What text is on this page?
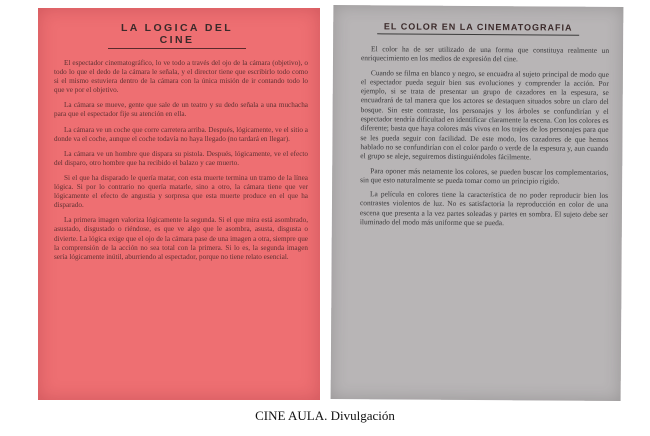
LA LOGICA DEL CINE

El espectador cinematográfico, lo ve todo a través del ojo de la cámara (objetivo), o todo lo que el dedo de la cámara le señala, y el director tiene que escribirlo todo como si el mismo estuviera dentro de la cámara con la única misión de ir contando todo lo que ve por el objetivo.

La cámara se mueve, gente que sale de un teatro y su dedo señala a una muchacha para que el espectador fije su atención en ella.

La cámara ve un coche que corre carretera arriba. Después, lógicamente, ve el sitio a donde va el coche, aunque el coche todavía no haya llegado (no tardará en llegar).

La cámara ve un hombre que dispara su pistola. Después, lógicamente, ve el efecto del disparo, otro hombre que ha recibido el balazo y cae muerto.

Si el que ha disparado le quería matar, con esta muerte termina un tramo de la línea lógica. Si por lo contrario no quería matarle, sino a otro, la cámara tiene que ver lógicamente el efecto de angustia y sorpresa que esta muerte produce en el que ha disparado.

La primera imagen valoriza lógicamente la segunda. Si el que mira está asombrado, asustado, disgustado o riéndose, es que ve algo que le asombra, asusta, disgusta o divierte. La lógica exige que el ojo de la cámara pase de una imagen a otra, siempre que la comprensión de la acción no sea total con la primera. Si lo es, la segunda imagen sería lógicamente inútil, aburriendo al espectador, porque no tiene relato esencial.

EL COLOR EN LA CINEMATOGRAFIA

El color ha de ser utilizado de una forma que constituya realmente un enriquecimiento en los medios de expresión del cine.

Cuando se filma en blanco y negro, se encuadra al sujeto principal de modo que el espectador pueda seguir bien sus evoluciones y comprender la acción. Por ejemplo, si se trata de presentar un grupo de cazadores en la espesura, se encuadrará de tal manera que los actores se destaquen situados sobre un claro del bosque. Sin este contraste, los personajes y los árboles se confundirían y el espectador tendría dificultad en identificar claramente la escena. Con los colores es diferente; basta que haya colores más vivos en los trajes de los personajes para que se les pueda seguir con facilidad. De este modo, los cazadores de que hemos hablado no se confundirían con el color pardo o verde de la espesura y, aun cuando el grupo se aleje, seguiremos distinguiéndoles fácilmente.

Para oponer más netamente los colores, se pueden buscar los complementarios, sin que esto naturalmente se pueda tomar como un principio rígido.

La película en colores tiene la característica de no poder reproducir bien los contrastes violentos de luz. No es satisfactoria la reproducción en color de una escena que presenta a la vez partes soleadas y partes en sombra. El sujeto debe ser iluminado del modo más uniforme que se pueda.

CINE AULA. Divulgación
